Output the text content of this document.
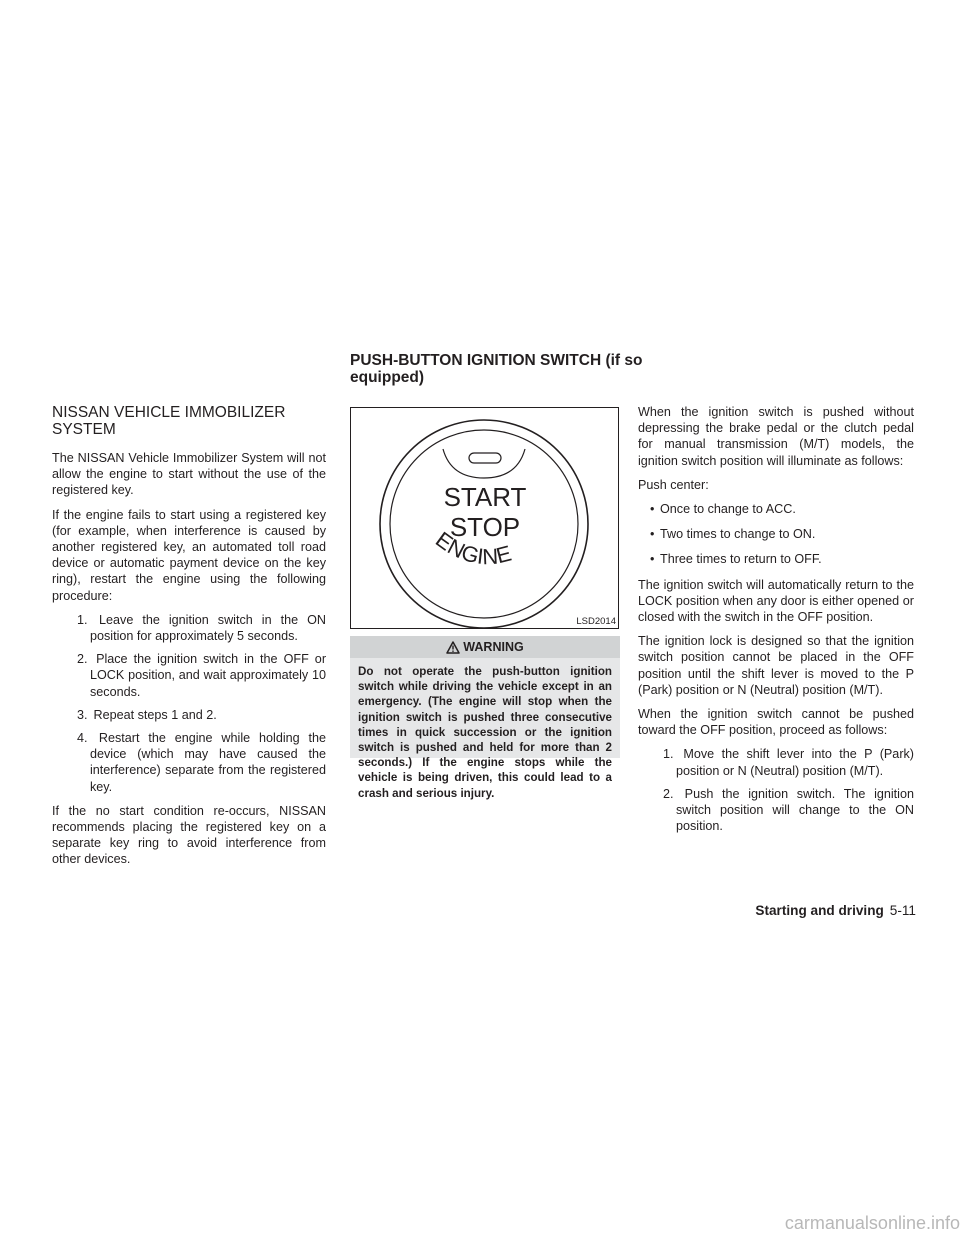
PUSH-BUTTON IGNITION SWITCH (if so equipped)
NISSAN VEHICLE IMMOBILIZER SYSTEM

The NISSAN Vehicle Immobilizer System will not allow the engine to start without the use of the registered key.

If the engine fails to start using a registered key (for example, when interference is caused by another registered key, an automated toll road device or automatic payment device on the key ring), restart the engine using the following procedure:

1. Leave the ignition switch in the ON position for approximately 5 seconds.
2. Place the ignition switch in the OFF or LOCK position, and wait approximately 10 seconds.
3. Repeat steps 1 and 2.
4. Restart the engine while holding the device (which may have caused the interference) separate from the registered key.

If the no start condition re-occurs, NISSAN recommends placing the registered key on a separate key ring to avoid interference from other devices.

START
STOP
ENGINE
LSD2014
WARNING
Do not operate the push-button ignition switch while driving the vehicle except in an emergency. (The engine will stop when the ignition switch is pushed three consecutive times in quick succession or the ignition switch is pushed and held for more than 2 seconds.) If the engine stops while the vehicle is being driven, this could lead to a crash and serious injury.

When the ignition switch is pushed without depressing the brake pedal or the clutch pedal for manual transmission (M/T) models, the ignition switch position will illuminate as follows:

Push center:

• Once to change to ACC.
• Two times to change to ON.
• Three times to return to OFF.

The ignition switch will automatically return to the LOCK position when any door is either opened or closed with the switch in the OFF position.

The ignition lock is designed so that the ignition switch position cannot be placed in the OFF position until the shift lever is moved to the P (Park) position or N (Neutral) position (M/T).

When the ignition switch cannot be pushed toward the OFF position, proceed as follows:

1. Move the shift lever into the P (Park) position or N (Neutral) position (M/T).
2. Push the ignition switch. The ignition switch position will change to the ON position.
Starting and driving 5-11
carmanualsonline.info
